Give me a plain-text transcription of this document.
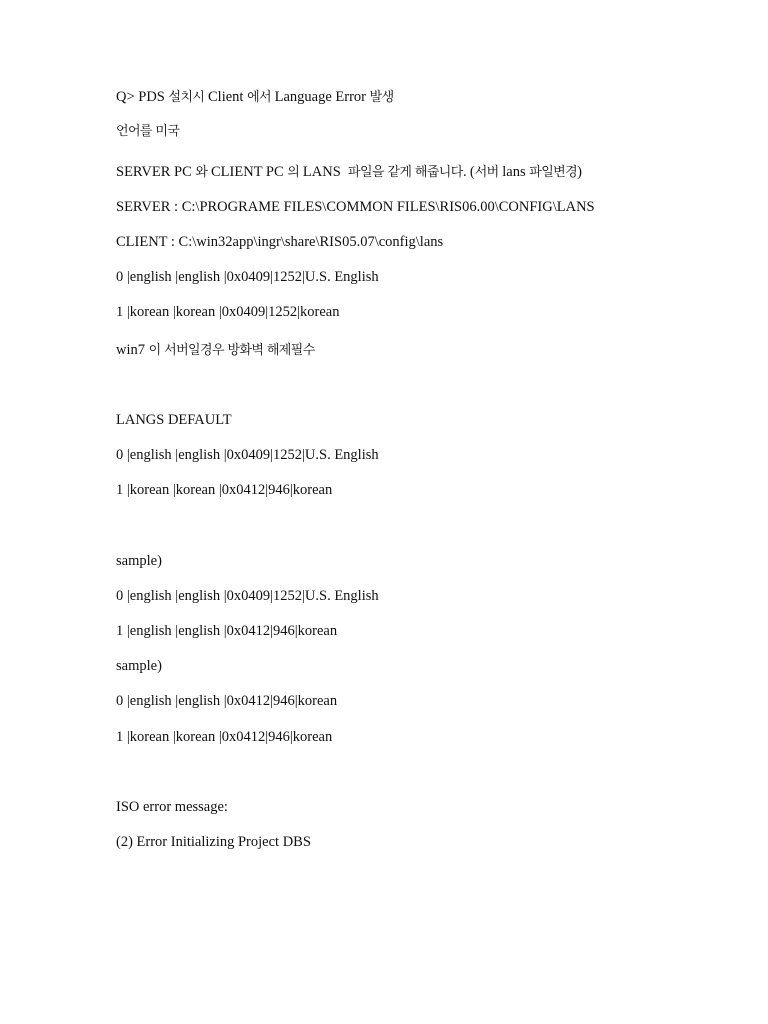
Q> PDS 설치시 Client 에서 Language Error 발생
언어를 미국
SERVER PC 와 CLIENT PC 의 LANS  파일을 같게 해줍니다. (서버 lans 파일변경)
SERVER : C:\PROGRAME FILES\COMMON FILES\RIS06.00\CONFIG\LANS
CLIENT : C:\win32app\ingr\share\RIS05.07\config\lans
0 |english |english |0x0409|1252|U.S. English
1 |korean |korean |0x0409|1252|korean
win7 이 서버일경우 방화벽 해제필수
LANGS DEFAULT
0 |english |english |0x0409|1252|U.S. English
1 |korean |korean |0x0412|946|korean
sample)
0 |english |english |0x0409|1252|U.S. English
1 |english |english |0x0412|946|korean
sample)
0 |english |english |0x0412|946|korean
1 |korean |korean |0x0412|946|korean
ISO error message:
(2) Error Initializing Project DBS
